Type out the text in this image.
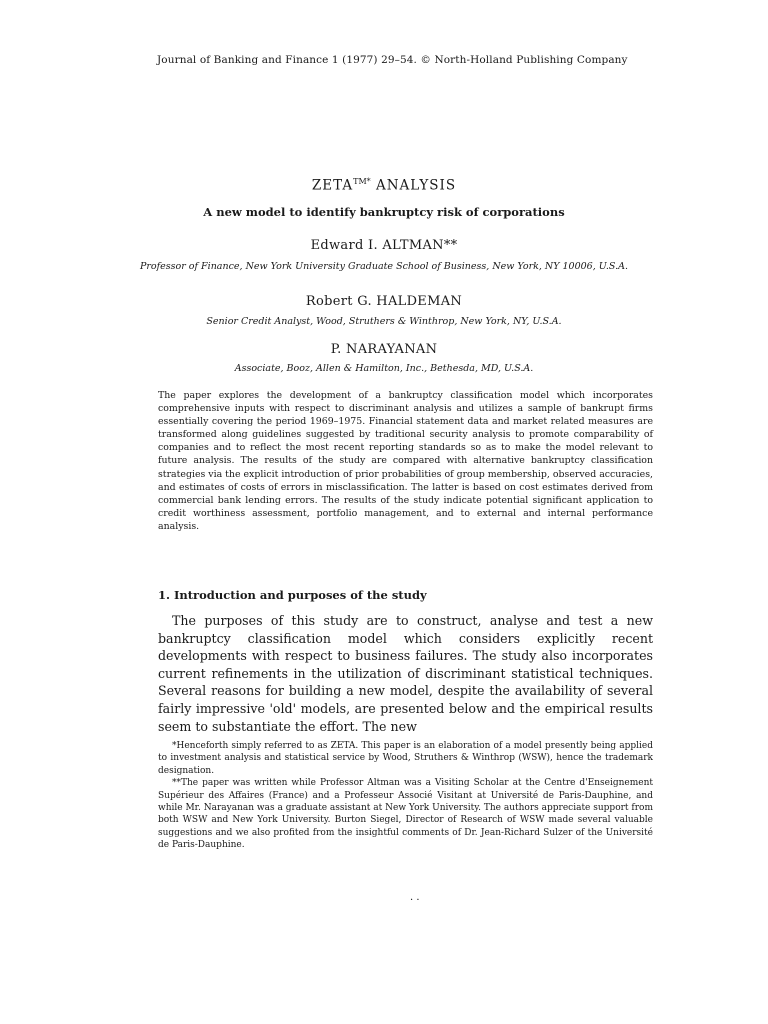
Journal of Banking and Finance 1 (1977) 29–54. © North-Holland Publishing Company
$ZETA^{TM*}$ ANALYSIS
A new model to identify bankruptcy risk of corporations
Edward I. ALTMAN**
Professor of Finance, New York University Graduate School of Business, New York, NY 10006, U.S.A.
Robert G. HALDEMAN
Senior Credit Analyst, Wood, Struthers & Winthrop, New York, NY, U.S.A.
P. NARAYANAN
Associate, Booz, Allen & Hamilton, Inc., Bethesda, MD, U.S.A.

The paper explores the development of a bankruptcy classification model which incorporates comprehensive inputs with respect to discriminant analysis and utilizes a sample of bankrupt firms essentially covering the period 1969–1975. Financial statement data and market related measures are transformed along guidelines suggested by traditional security analysis to promote comparability of companies and to reflect the most recent reporting standards so as to make the model relevant to future analysis. The results of the study are compared with alternative bankruptcy classification strategies via the explicit introduction of prior probabilities of group membership, observed accuracies, and estimates of costs of errors in misclassification. The latter is based on cost estimates derived from commercial bank lending errors. The results of the study indicate potential significant application to credit worthiness assessment, portfolio management, and to external and internal performance analysis.

1. Introduction and purposes of the study

The purposes of this study are to construct, analyse and test a new bankruptcy classification model which considers explicitly recent developments with respect to business failures. The study also incorporates current refinements in the utilization of discriminant statistical techniques. Several reasons for building a new model, despite the availability of several fairly impressive 'old' models, are presented below and the empirical results seem to substantiate the effort. The new

*Henceforth simply referred to as ZETA. This paper is an elaboration of a model presently being applied to investment analysis and statistical service by Wood, Struthers & Winthrop (WSW), hence the trademark designation.

**The paper was written while Professor Altman was a Visiting Scholar at the Centre d'Enseignement Supérieur des Affaires (France) and a Professeur Associé Visitant at Université de Paris-Dauphine, and while Mr. Narayanan was a graduate assistant at New York University. The authors appreciate support from both WSW and New York University. Burton Siegel, Director of Research of WSW made several valuable suggestions and we also profited from the insightful comments of Dr. Jean-Richard Sulzer of the Université de Paris-Dauphine.

· ·
